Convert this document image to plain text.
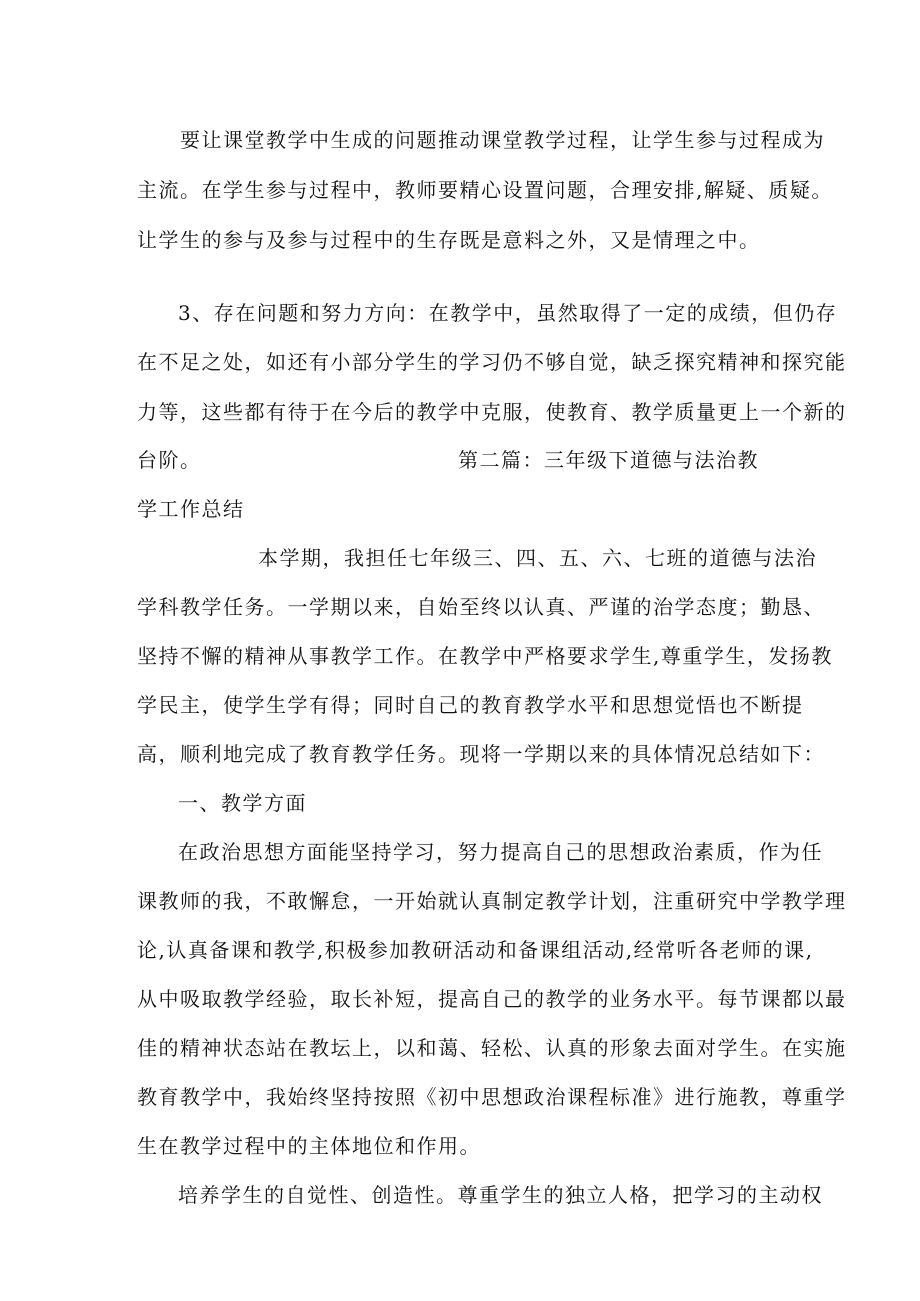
要让课堂教学中生成的问题推动课堂教学过程，让学生参与过程成为
主流。在学生参与过程中，教师要精心设置问题，合理安排,解疑、质疑。
让学生的参与及参与过程中的生存既是意料之外，又是情理之中。
3、存在问题和努力方向：在教学中，虽然取得了一定的成绩，但仍存
在不足之处，如还有小部分学生的学习仍不够自觉，缺乏探究精神和探究能
力等，这些都有待于在今后的教学中克服，使教育、教学质量更上一个新的
台阶。	第二篇：三年级下道德与法治教
学工作总结
本学期，我担任七年级三、四、五、六、七班的道德与法治
学科教学任务。一学期以来，自始至终以认真、严谨的治学态度；勤恳、
坚持不懈的精神从事教学工作。在教学中严格要求学生,尊重学生，发扬教
学民主，使学生学有得；同时自己的教育教学水平和思想觉悟也不断提
高，顺利地完成了教育教学任务。现将一学期以来的具体情况总结如下：
一、教学方面
在政治思想方面能坚持学习，努力提高自己的思想政治素质，作为任
课教师的我，不敢懈怠，一开始就认真制定教学计划，注重研究中学教学理
论,认真备课和教学,积极参加教研活动和备课组活动,经常听各老师的课,
从中吸取教学经验，取长补短，提高自己的教学的业务水平。每节课都以最
佳的精神状态站在教坛上，以和蔼、轻松、认真的形象去面对学生。在实施
教育教学中，我始终坚持按照《初中思想政治课程标准》进行施教，尊重学
生在教学过程中的主体地位和作用。
培养学生的自觉性、创造性。尊重学生的独立人格，把学习的主动权
